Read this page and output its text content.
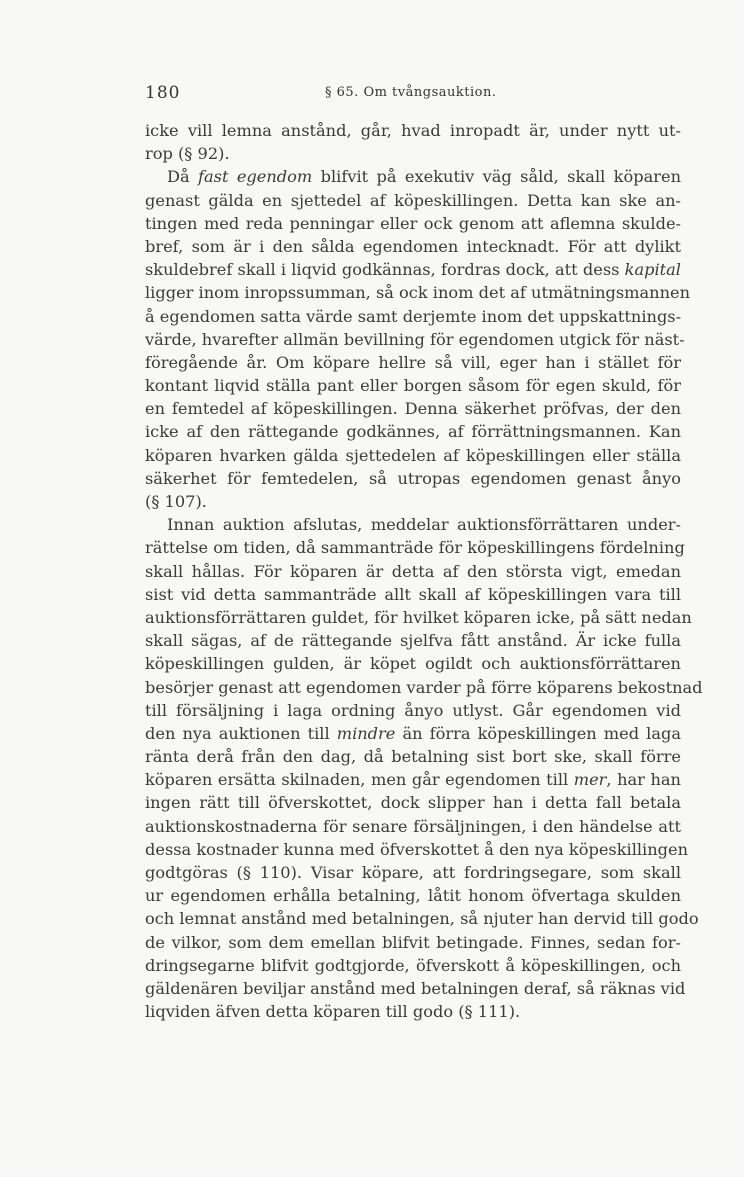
180	§ 65. Om tvångsauktion.
icke vill lemna anstånd, går, hvad inropadt är, under nytt ut-
rop (§ 92).
Då fast egendom blifvit på exekutiv väg såld, skall köparen
genast gälda en sjettedel af köpeskillingen. Detta kan ske an-
tingen med reda penningar eller ock genom att aflemna skulde-
bref, som är i den sålda egendomen intecknadt. För att dylikt
skuldebref skall i liqvid godkännas, fordras dock, att dess kapital
ligger inom inropssumman, så ock inom det af utmätningsmannen
å egendomen satta värde samt derjemte inom det uppskattnings-
värde, hvarefter allmän bevillning för egendomen utgick för näst-
föregående år. Om köpare hellre så vill, eger han i stället för
kontant liqvid ställa pant eller borgen såsom för egen skuld, för
en femtedel af köpeskillingen. Denna säkerhet pröfvas, der den
icke af den rättegande godkännes, af förrättningsmannen. Kan
köparen hvarken gälda sjettedelen af köpeskillingen eller ställa
säkerhet för femtedelen, så utropas egendomen genast ånyo
(§ 107).
Innan auktion afslutas, meddelar auktionsförrättaren under-
rättelse om tiden, då sammanträde för köpeskillingens fördelning
skall hållas. För köparen är detta af den största vigt, emedan
sist vid detta sammanträde allt skall af köpeskillingen vara till
auktionsförrättaren guldet, för hvilket köparen icke, på sätt nedan
skall sägas, af de rättegande sjelfva fått anstånd. Är icke fulla
köpeskillingen gulden, är köpet ogildt och auktionsförrättaren
besörjer genast att egendomen varder på förre köparens bekostnad
till försäljning i laga ordning ånyo utlyst. Går egendomen vid
den nya auktionen till mindre än förra köpeskillingen med laga
ränta derå från den dag, då betalning sist bort ske, skall förre
köparen ersätta skilnaden, men går egendomen till mer, har han
ingen rätt till öfverskottet, dock slipper han i detta fall betala
auktionskostnaderna för senare försäljningen, i den händelse att
dessa kostnader kunna med öfverskottet å den nya köpeskillingen
godtgöras (§ 110). Visar köpare, att fordringsegare, som skall
ur egendomen erhålla betalning, låtit honom öfvertaga skulden
och lemnat anstånd med betalningen, så njuter han dervid till godo
de vilkor, som dem emellan blifvit betingade. Finnes, sedan for-
dringsegarne blifvit godtgjorde, öfverskott å köpeskillingen, och
gäldenären beviljar anstånd med betalningen deraf, så räknas vid
liqviden äfven detta köparen till godo (§ 111).
